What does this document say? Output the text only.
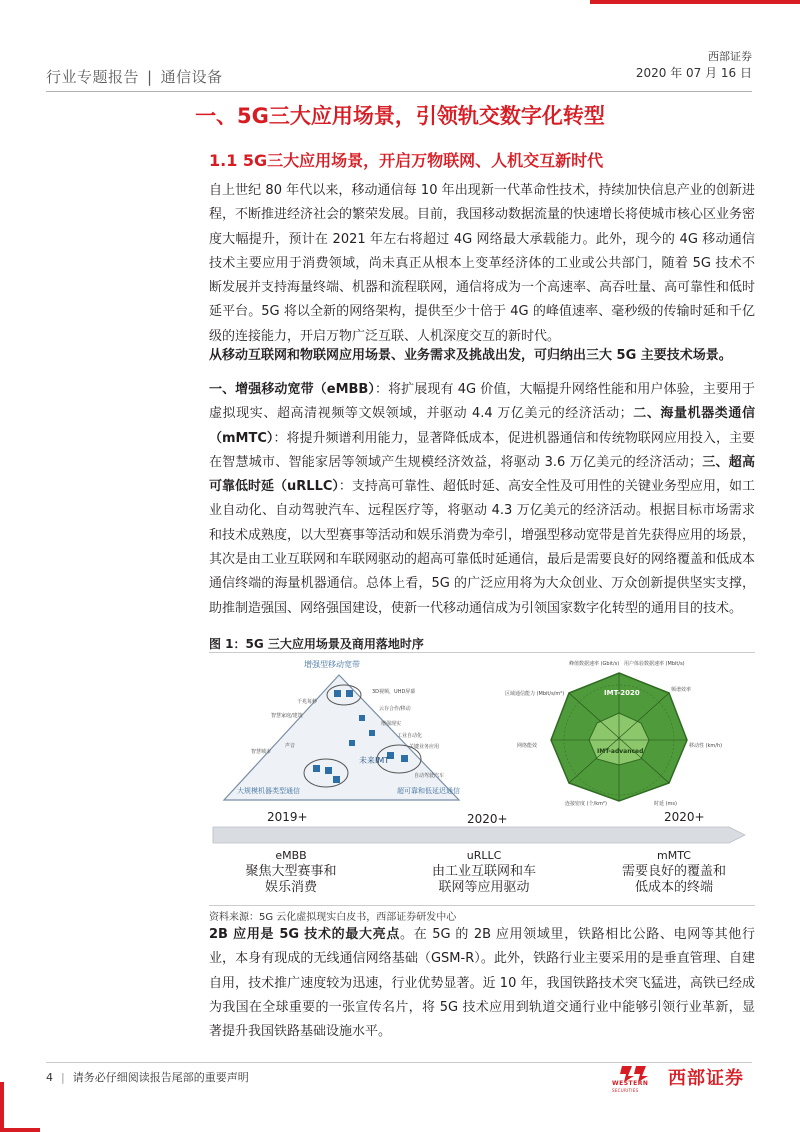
行业专题报告 | 通信设备
西部证券
2020 年 07 月 16 日
一、5G三大应用场景，引领轨交数字化转型
1.1 5G三大应用场景，开启万物联网、人机交互新时代
自上世纪 80 年代以来，移动通信每 10 年出现新一代革命性技术，持续加快信息产业的创新进程，不断推进经济社会的繁荣发展。目前，我国移动数据流量的快速增长将使城市核心区业务密度大幅提升，预计在 2021 年左右将超过 4G 网络最大承载能力。此外，现今的 4G 移动通信技术主要应用于消费领域，尚未真正从根本上变革经济体的工业或公共部门，随着 5G 技术不断发展并支持海量终端、机器和流程联网，通信将成为一个高速率、高吞吐量、高可靠性和低时延平台。5G 将以全新的网络架构，提供至少十倍于 4G 的峰值速率、毫秒级的传输时延和千亿级的连接能力，开启万物广泛互联、人机深度交互的新时代。
从移动互联网和物联网应用场景、业务需求及挑战出发，可归纳出三大 5G 主要技术场景。
一、增强移动宽带（eMBB）：将扩展现有 4G 价值，大幅提升网络性能和用户体验，主要用于虚拟现实、超高清视频等文娱领域，并驱动 4.4 万亿美元的经济活动；二、海量机器类通信（mMTC）：将提升频谱利用能力，显著降低成本，促进机器通信和传统物联网应用投入，主要在智慧城市、智能家居等领域产生规模经济效益，将驱动 3.6 万亿美元的经济活动；三、超高可靠低时延（uRLLC）：支持高可靠性、超低时延、高安全性及可用性的关键业务型应用，如工业自动化、自动驾驶汽车、远程医疗等，将驱动 4.3 万亿美元的经济活动。根据目标市场需求和技术成熟度，以大型赛事等活动和娱乐消费为牵引，增强型移动宽带是首先获得应用的场景，其次是由工业互联网和车联网驱动的超高可靠低时延通信，最后是需要良好的网络覆盖和低成本通信终端的海量机器通信。总体上看，5G 的广泛应用将为大众创业、万众创新提供坚实支撑，助推制造强国、网络强国建设，使新一代移动通信成为引领国家数字化转型的通用目的技术。
图 1：5G 三大应用场景及商用落地时序
增强型移动宽带
大规模机器类型通信	超可靠和低延迟通信
未来IMT
千兆每秒
3D视频，UHD屏幕
智慧家庭/建筑
云存合作/移动
增强现实
工业自动化
智慧城市
声音	关键业务应用
自动驾驶汽车
IMT-2020
IMT-advanced
峰值数据速率 (Gbit/s) 用户体验数据速率 (Mbit/s)
频谱效率
移动性 (km/h)
时延 (ms)
连接密度 (个/km²)
网络能效
区域通信能力 (Mbit/s/m²)
2019+	2020+	2020+
eMBB
聚焦大型赛事和
娱乐消费
uRLLC
由工业互联网和车
联网等应用驱动
mMTC
需要良好的覆盖和
低成本的终端
资料来源：5G 云化虚拟现实白皮书，西部证券研发中心
2B 应用是 5G 技术的最大亮点。在 5G 的 2B 应用领域里，铁路相比公路、电网等其他行业，本身有现成的无线通信网络基础（GSM-R）。此外，铁路行业主要采用的是垂直管理、自建自用，技术推广速度较为迅速，行业优势显著。近 10 年，我国铁路技术突飞猛进，高铁已经成为我国在全球重要的一张宣传名片，将 5G 技术应用到轨道交通行业中能够引领行业革新，显著提升我国铁路基础设施水平。
4 | 请务必仔细阅读报告尾部的重要声明	西部证券
WESTERN
SECURITIES
